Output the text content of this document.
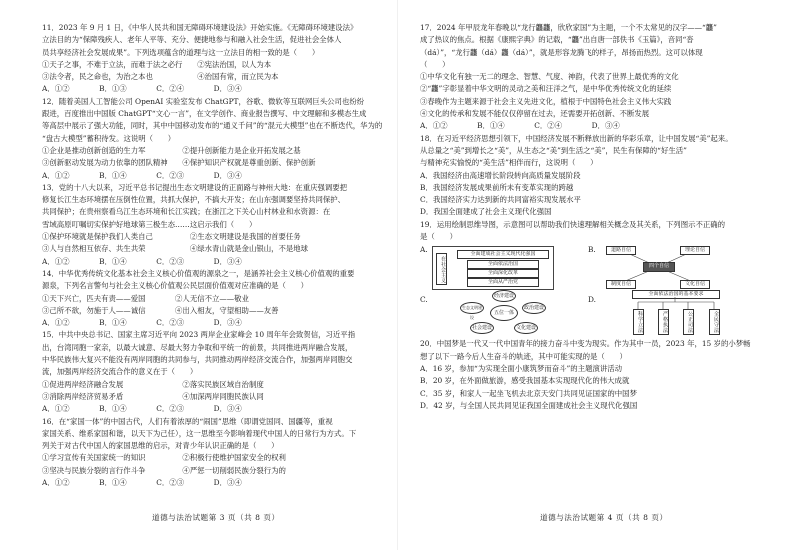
11．2023 年 9 月 1 日，《中华人民共和国无障碍环境建设法》开始实施。《无障碍环境建设法》

立法目的为“保障残疾人、老年人平等、充分、便捷地参与和融入社会生活，促进社会全体人

员共享经济社会发展成果”。下列选项蕴含的道理与这一立法目的相一致的是（　　）

①天子之事，不难于立法，而难于法之必行　　②宪法治国，以人为本

③法令者，民之命也，为治之本也　　　　　　④治国有常，而立民为本

A．①②　　　　B．①③　　　　C．②④　　　　D．③④

12．随着美国人工智能公司 OpenAI 实验室发布 ChatGPT，谷歌、微软等互联网巨头公司也纷纷

跟进，百度推出中国版 ChatGPT“文心一言”，在文学创作、商业报告撰写、中文理解和多模态生成

等高层中展示了强大功能，同时，其中中国移动发布的“通义千问”的“混元大模型”也在不断迭代，华为的

“盘古大模型”蓄积待发。这说明（　　）

①企业是推动创新创造的生力军　　　　　②提升创新能力是企业开拓发展之基

③创新驱动发展为动力依靠的团队精神　　④保护知识产权就是尊重创新、保护创新

A．①②　　　　B．①④　　　　C．②③　　　　D．③④

13．党的十八大以来，习近平总书记提出生态文明建设的正面路与神州大地：在重庆强调要把

修复长江生态环境摆在压倒性位置，共抓大保护，不搞大开发；在山东强调要坚持共同保护、

共同保护；在贵州察看乌江生态环境和长江实践；在浙江之下关心山村林业和水资源：在

雪域高原叮嘱切实保护好地球第三极生态……这启示我们（　　）

①保护环境就是保护我们人类自己　　　　　②生态文明建设是我国的首要任务

③人与自然相互依存、共生共荣　　　　　　④绿水青山就是金山银山，不是地球

A．①②　　　　B．①④　　　　C．②③　　　　D．③④

14．中华优秀传统文化基本社会主义核心价值观的源泉之一，是涵养社会主义核心价值观的重要

源泉，下列名言警句与社会主义核心价值观公民层面价值观对应准确的是（　　）

①天下兴亡，匹夫有责——爱国　　　　②人无信不立——敬业

③己所不欲，勿施于人——诚信　　　　④出入相友，守望相助——友善

A．①②　　　　B．①④　　　　C．②③　　　　D．③④

15．中共中央总书记、国家主席习近平向 2023 两岸企业家峰会 10 周年年会致贺信，习近平指

出，台湾同胞一家亲，以最大诚意、尽最大努力争取和平统一的前景，共同推进两岸融合发展，

中华民族伟大复兴不能没有两岸同胞的共同参与，共同推动两岸经济交流合作，加强两岸同胞交

流，加强两岸经济交流合作的意义在于（　　）

①促进两岸经济融合发展　　　　　　　　②落实民族区域自治制度

③消除两岸经济贸易矛盾　　　　　　　　④加深两岸同胞民族认同

A．①②　　　　B．①④　　　　C．②③　　　　D．③④

16．在“家国一体”的中国古代，人们有着浓厚的“闹国”思维（即谓党国同、国疆等，重视

家国关系、维系家国和谐，以天下为己任），这一思维至今影响着现代中国人的日常行为方式。下

列关于对古代中国人的家国思维的启示，对青少年认识正确的是（　　）

①学习宣传有关国家统一的知识　　　　　②积极行使维护国家安全的权利

③坚决与民族分裂的言行作斗争　　　　　④严惩一切削弱民族分裂行为的

A．①②　　　　B．①④　　　　C．②③　　　　D．③④

道德与法治试题第 3 页（共 8 页）

17．2024 年甲辰龙年春晚以“龙行龘龘，欣欣家国”为主题，一个不太常见的汉字——“龘”

成了热议的焦点。根据《康熙字典》的记载，“龘”出自唐一部佚书《玉篇》，音同“沓

（dá）”，“龙行龘（dá）龘（dá）”，就是形容龙腾飞的样子，昂扬而热烈。这可以体现

（　　）

①中华文化有独一无二的理念、智慧、气度、神韵，代表了世界上最优秀的文化

②“龘”字彰显着中华文明的灵动之美和汪洋之气，是中华优秀传统文化的延续

③春晚作为主题来源于社会主义先进文化，植根于中国特色社会主义伟大实践

④文化的传承和发展不能仅仅停留在过去，还需要开拓创新、不断发展

A．①②　　　　B．①④　　　　C．②④　　　　D．③④

18．在习近平经济思想引领下，中国经济发展不断释放出新的华彩乐章，让中国发展“美”起来。

从总量之“美”到增长之“美”，从生态之“美”到生活之“美”，民生有保障的“好生活”

与精神充实愉悦的“美生活”相伴而行，这说明（　　）

A．我国经济由高速增长阶段转向高质量发展阶段

B．我国经济发展成果前所未有变革实现的跨越

C．我国经济实力达到新的共同富裕实现发展水平

D．我国全面建成了社会主义现代化强国

19．运用绘制思维导图，示意图可以帮助我们快速理解相关概念及其关系，下列图示不正确的

是（　　）

A.
在社会主义
全面建成社会主义现代化强国
全面依法治国
全面深化改革
全面从严治党
B.
四个自信
道路自信	理论自信
制度自信	文化自信
C.
五位一体
经济建设
政治建设
文化建设
社会建设
生态文明建设
D.
全面依法治国的基本要求
科学立法	严格执法	公正司法	全民守法

20．中国梦是一代又一代中国青年的接力奋斗中变为现实。作为其中一员，2023 年，15 岁的小梦畅

想了以下一路今后人生奋斗的轨迹，其中可能实现的是（　　）

A．16 岁，参加“为实现全面小康筑梦而奋斗”的主题演讲活动

B．20 岁，在外面做旅游，感受我国基本实现现代化的伟大成就

C．35 岁，和家人一起坐飞机去北京天安门共同见证国家的中国梦

D．42 岁，与全国人民共同见证我国全面建成社会主义现代化强国

道德与法治试题第 4 页（共 8 页）
